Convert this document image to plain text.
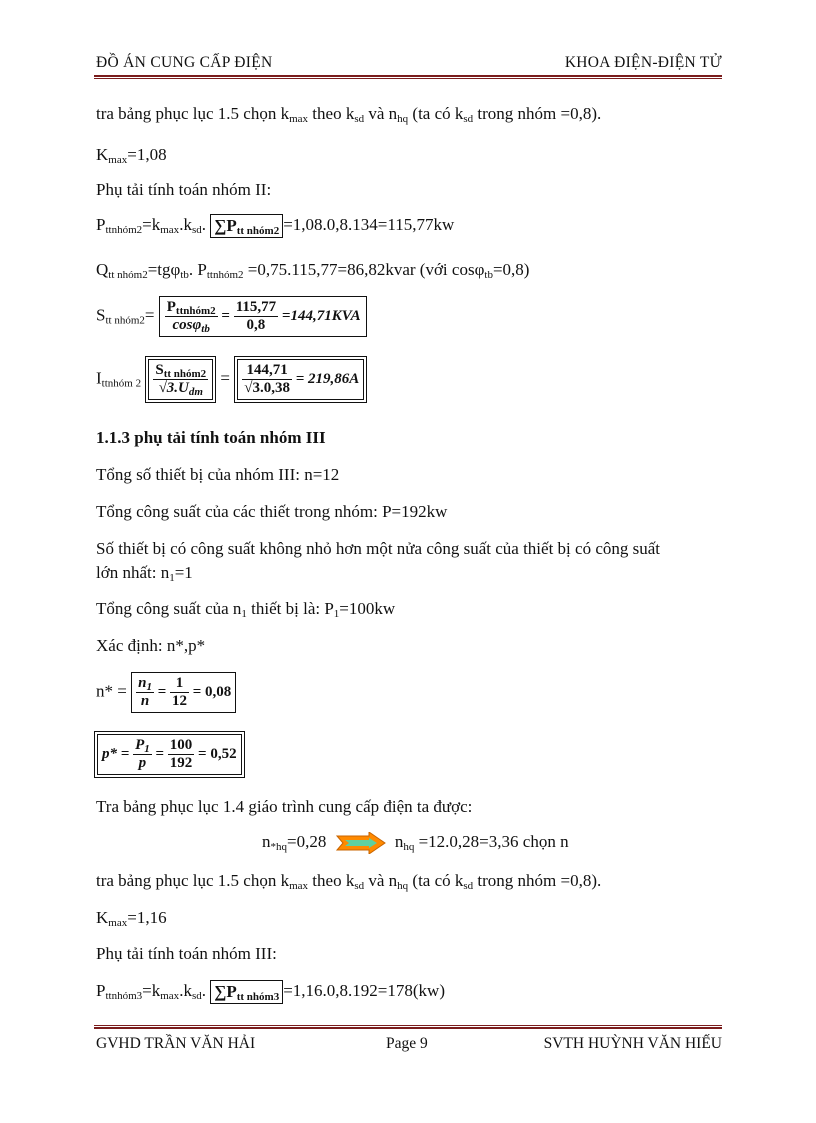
ĐỒ ÁN CUNG CẤP ĐIỆN	KHOA ĐIỆN-ĐIỆN TỬ
tra bảng phục lục 1.5 chọn $k_{max}$ theo $k_{sd}$ và $n_{hq}$ (ta có $k_{sd}$ trong nhóm =0,8).
$K_{max}=1,08$
Phụ tải tính toán nhóm II:
$P_{ttnhóm2}=k_{max}.k_{sd}$. $\sum P_{tt nhóm2} =1,08.0,8.134=115,77kw$
$Q_{tt nhóm2}=tg\varphi_{tb}$. $P_{ttnhóm2}$ =0,75.115,77=86,82kvar (với cosφ$_{tb}$=0,8)
$S_{tt nhóm2}= \frac{P_{ttnhóm2}}{\cos\varphi_{tb}} = \frac{115,77}{0,8} =144,71KVA$
$I_{ttnhóm 2} \frac{S_{tt nhóm2}}{√3.U_{dm}} = \frac{144,71}{√3.0,38} = 219,86A$
1.1.3 phụ tải tính toán nhóm III
Tổng số thiết bị của nhóm III: n=12
Tổng công suất của các thiết trong nhóm: P=192kw
Số thiết bị có công suất không nhỏ hơn một nửa công suất của thiết bị có công suất
lớn nhất: $n_1=1$
Tổng công suất của $n_1$ thiết bị là: $P_1=100kw$
Xác định: n*,p*
$n* = \frac{n_1}{n} = \frac{1}{12} = 0,08$
$p* = \frac{P_1}{p} = \frac{100}{192} = 0,52$
Tra bảng phục lục 1.4 giáo trình cung cấp điện ta được:
$n_{*hq}=0,28$	$n_{hq} =12.0,28=3,36$ chọn n
tra bảng phục lục 1.5 chọn $k_{max}$ theo $k_{sd}$ và $n_{hq}$ (ta có $k_{sd}$ trong nhóm =0,8).
$K_{max}=1,16$
Phụ tải tính toán nhóm III:
$P_{ttnhóm3}=k_{max}.k_{sd}$. $\sum P_{tt nhóm3} =1,16.0,8.192=178(kw)$
GVHD TRẦN VĂN HẢI	Page 9	SVTH HUỲNH VĂN HIẾU
